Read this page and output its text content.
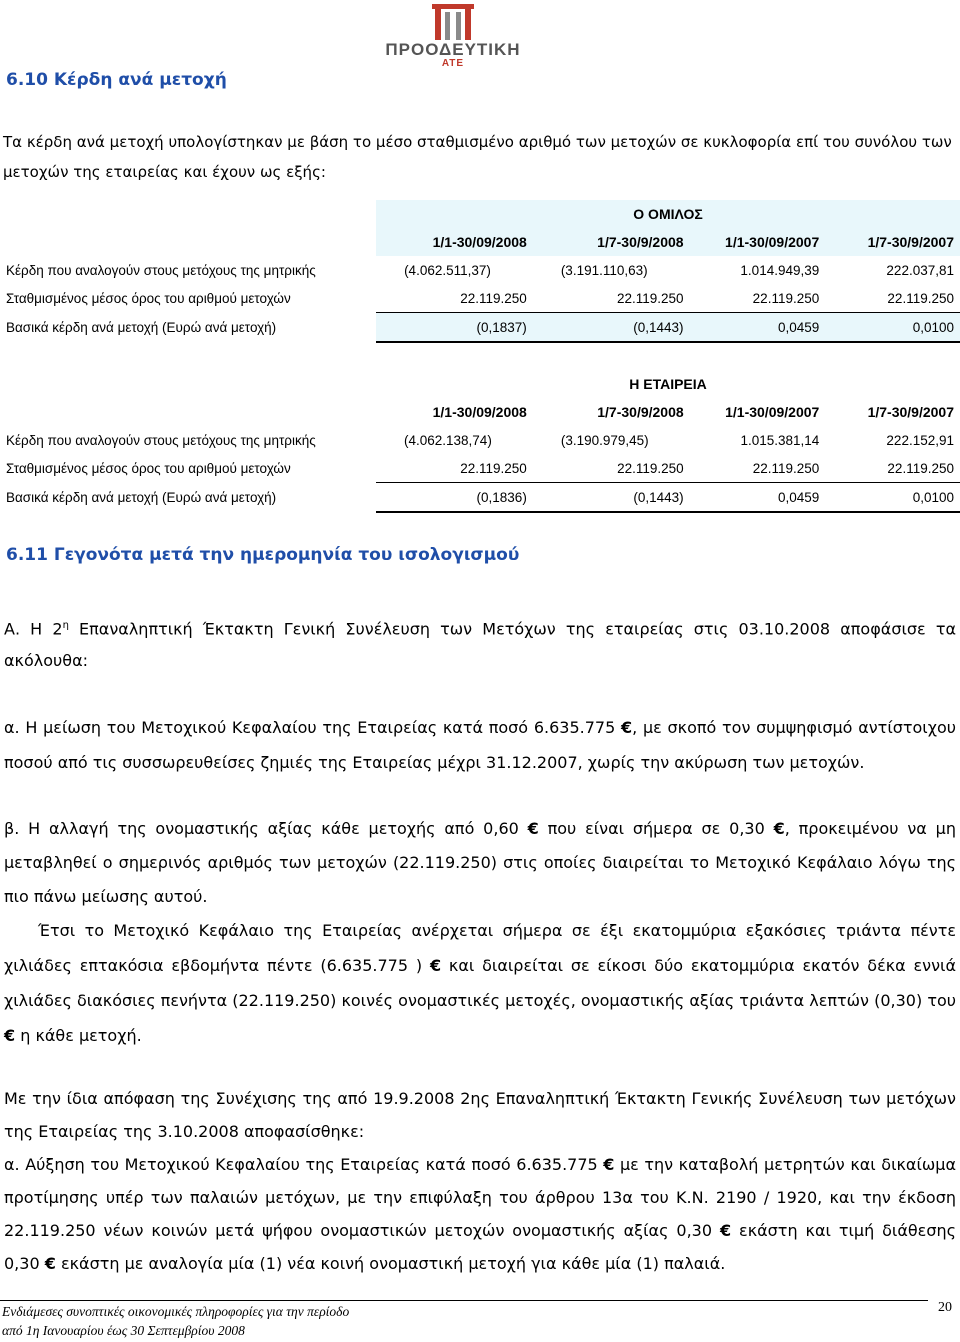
ΠΡΟΟΔΕΥΤΙΚΗ
ΑΤΕ
6.10 Κέρδη ανά μετοχή
Τα κέρδη ανά μετοχή υπολογίστηκαν με βάση το μέσο σταθμισμένο αριθμό των μετοχών σε κυκλοφορία επί του συνόλου των μετοχών της εταιρείας και έχουν ως εξής:
	Ο ΟΜΙΛΟΣ			
	1/1-30/09/2008	1/7-30/9/2008	1/1-30/09/2007	1/7-30/9/2007
Κέρδη που αναλογούν στους μετόχους της μητρικής	(4.062.511,37)	(3.191.110,63)	1.014.949,39	222.037,81
Σταθμισμένος μέσος όρος του αριθμού μετοχών	22.119.250	22.119.250	22.119.250	22.119.250
Βασικά κέρδη ανά μετοχή (Ευρώ ανά μετοχή)	(0,1837)	(0,1443)	0,0459	0,0100
	Η ΕΤΑΙΡΕΙΑ			
	1/1-30/09/2008	1/7-30/9/2008	1/1-30/09/2007	1/7-30/9/2007
Κέρδη που αναλογούν στους μετόχους της μητρικής	(4.062.138,74)	(3.190.979,45)	1.015.381,14	222.152,91
Σταθμισμένος μέσος όρος του αριθμού μετοχών	22.119.250	22.119.250	22.119.250	22.119.250
Βασικά κέρδη ανά μετοχή (Ευρώ ανά μετοχή)	(0,1836)	(0,1443)	0,0459	0,0100
6.11 Γεγονότα μετά την ημερομηνία του ισολογισμού
Α. Η $2^\eta$ Επαναληπτική Έκτακτη Γενική Συνέλευση των Μετόχων της εταιρείας στις 03.10.2008 αποφάσισε τα ακόλουθα:
α. Η μείωση του Μετοχικού Κεφαλαίου της Εταιρείας κατά ποσό 6.635.775 €, με σκοπό τον συμψηφισμό αντίστοιχου ποσού από τις συσσωρευθείσες ζημιές της Εταιρείας μέχρι 31.12.2007, χωρίς την ακύρωση των μετοχών.
β. Η αλλαγή της ονομαστικής αξίας κάθε μετοχής από 0,60 € που είναι σήμερα σε 0,30 €, προκειμένου να μη μεταβληθεί ο σημερινός αριθμός των μετοχών (22.119.250) στις οποίες διαιρείται το Μετοχικό Κεφάλαιο λόγω της πιο πάνω μείωσης αυτού.
Έτσι το Μετοχικό Κεφάλαιο της Εταιρείας ανέρχεται σήμερα σε έξι εκατομμύρια εξακόσιες τριάντα πέντε χιλιάδες επτακόσια εβδομήντα πέντε (6.635.775 ) € και διαιρείται σε είκοσι δύο εκατομμύρια εκατόν δέκα εννιά χιλιάδες διακόσιες πενήντα (22.119.250) κοινές ονομαστικές μετοχές, ονομαστικής αξίας τριάντα λεπτών (0,30) του € η κάθε μετοχή.
Με την ίδια απόφαση της Συνέχισης της από 19.9.2008 2ης Επαναληπτική Έκτακτη Γενικής Συνέλευση των μετόχων της Εταιρείας της 3.10.2008 αποφασίσθηκε:
α. Αύξηση του Μετοχικού Κεφαλαίου της Εταιρείας κατά ποσό 6.635.775 € με την καταβολή μετρητών και δικαίωμα προτίμησης υπέρ των παλαιών μετόχων, με την επιφύλαξη του άρθρου 13α του Κ.Ν. 2190 / 1920, και την έκδοση 22.119.250 νέων κοινών μετά ψήφου ονομαστικών μετοχών ονομαστικής αξίας 0,30 € εκάστη και τιμή διάθεσης 0,30 € εκάστη με αναλογία μία (1) νέα κοινή ονομαστική μετοχή για κάθε μία (1) παλαιά.
Ενδιάμεσες συνοπτικές οικονομικές πληροφορίες για την περίοδο
από 1η Ιανουαρίου έως 30 Σεπτεμβρίου 2008
20
